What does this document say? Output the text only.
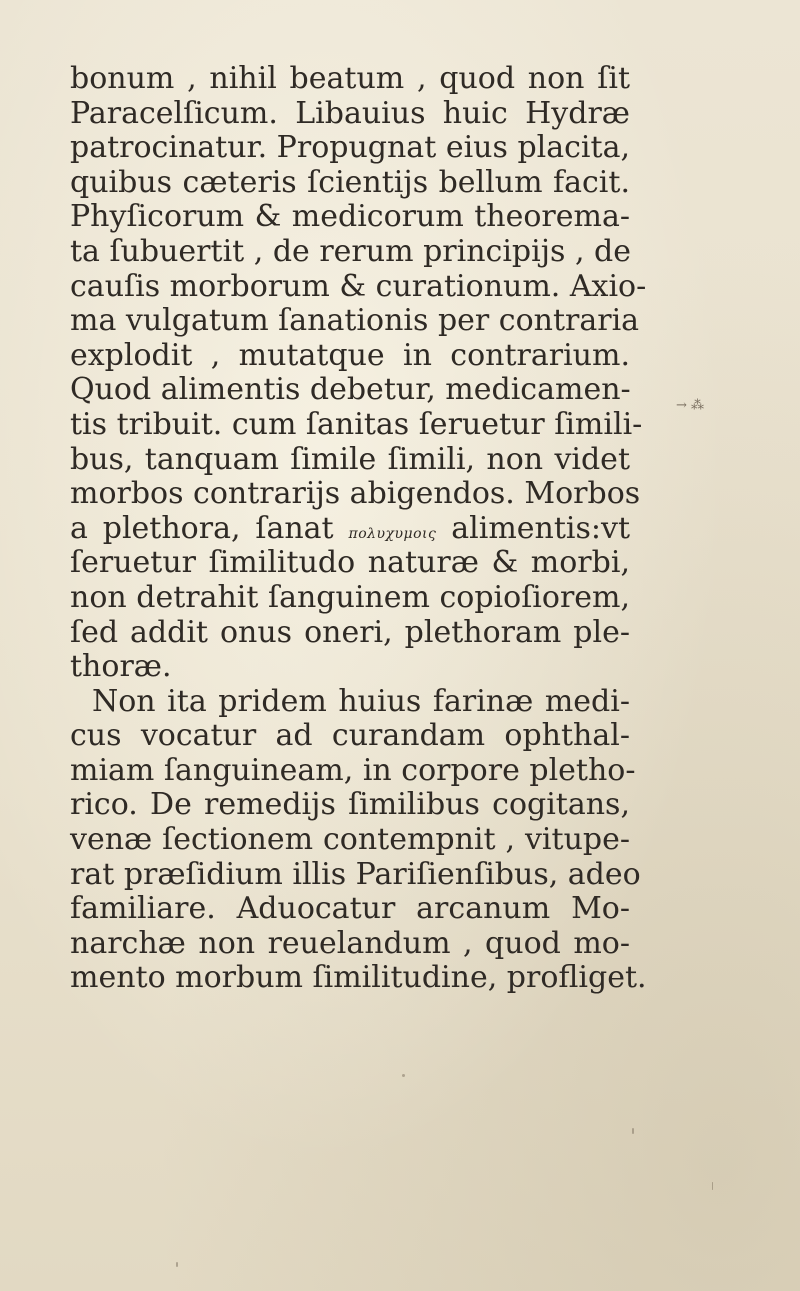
bonum , nihil beatum , quod non ſit
Paracelſicum. Libauius huic Hydræ
patrocinatur. Propugnat eius placita,
quibus cæteris ſcientijs bellum facit.
Phyſicorum & medicorum theorema-
ta ſubuertit , de rerum principijs , de
cauſis morborum & curationum. Axio-
ma vulgatum ſanationis per contraria
explodit , mutatque in contrarium.
Quod alimentis debetur, medicamen-
tis tribuit. cum ſanitas ſeruetur ſimili-
bus, tanquam ſimile ſimili, non videt
morbos contrarijs abigendos. Morbos
a plethora, ſanat πολυχυμοις alimentis:vt
ſeruetur ſimilitudo naturæ & morbi,
non detrahit ſanguinem copioſiorem,
ſed addit onus oneri, plethoram ple-
thoræ.
Non ita pridem huius farinæ medi-
cus vocatur ad curandam ophthal-
miam ſanguineam, in corpore pletho-
rico. De remedijs ſimilibus cogitans,
venæ ſectionem contempnit , vitupe-
rat præſidium illis Pariſienſibus, adeo
familiare. Aduocatur arcanum Mo-
narchæ non reuelandum , quod mo-
mento morbum ſimilitudine, profliget.
→ ⁂
